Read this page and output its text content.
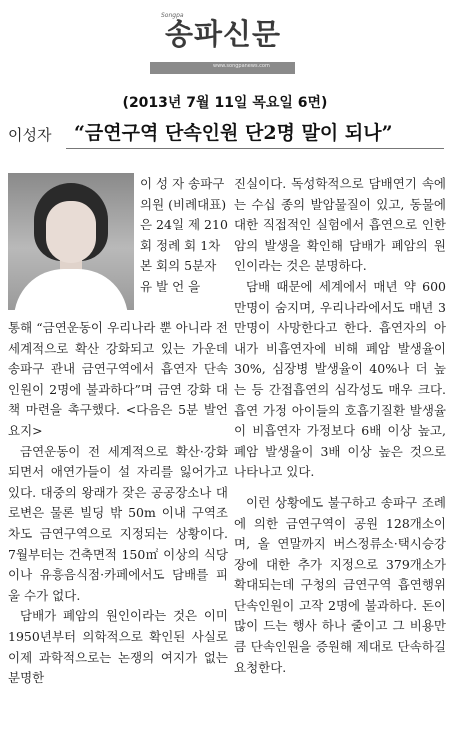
Songpa
송파신문
www.songpanews.com
(2013년 7월 11일 목요일 6면)
이성자 “금연구역 단속인원 단2명 말이 되나”

이 성 자 송파구의원 (비례대표) 은 24일 제 210회 정례 회 1차 본 회의 5분자 유 발 언 을

통해 “금연운동이 우리나라 뿐 아니라 전 세계적으로 확산 강화되고 있는 가운데 송파구 관내 금연구역에서 흡연자 단속인원이 2명에 불과하다”며 금연 강화 대책 마련을 촉구했다. <다음은 5분 발언 요지>

금연운동이 전 세계적으로 확산·강화되면서 애연가들이 설 자리를 잃어가고 있다. 대중의 왕래가 잦은 공공장소나 대로변은 물론 빌딩 밖 50m 이내 구역조차도 금연구역으로 지정되는 상황이다. 7월부터는 건축면적 150㎡ 이상의 식당이나 유흥음식점·카페에서도 담배를 피울 수가 없다.

담배가 폐암의 원인이라는 것은 이미 1950년부터 의학적으로 확인된 사실로 이제 과학적으로는 논쟁의 여지가 없는 분명한

진실이다. 독성학적으로 담배연기 속에는 수십 종의 발암물질이 있고, 동물에 대한 직접적인 실험에서 흡연으로 인한 암의 발생을 확인해 담배가 폐암의 원인이라는 것은 분명하다.

담배 때문에 세계에서 매년 약 600만명이 숨지며, 우리나라에서도 매년 3만명이 사망한다고 한다. 흡연자의 아내가 비흡연자에 비해 폐암 발생율이 30%, 심장병 발생율이 40%나 더 높는 등 간접흡연의 심각성도 매우 크다. 흡연 가정 아이들의 호흡기질환 발생율이 비흡연자 가정보다 6배 이상 높고, 폐암 발생율이 3배 이상 높은 것으로 나타나고 있다.

이런 상황에도 불구하고 송파구 조례에 의한 금연구역이 공원 128개소이며, 올 연말까지 버스정류소·택시승강장에 대한 추가 지정으로 379개소가 확대되는데 구청의 금연구역 흡연행위 단속인원이 고작 2명에 불과하다. 돈이 많이 드는 행사 하나 줄이고 그 비용만큼 단속인원을 증원해 제대로 단속하길 요청한다.
